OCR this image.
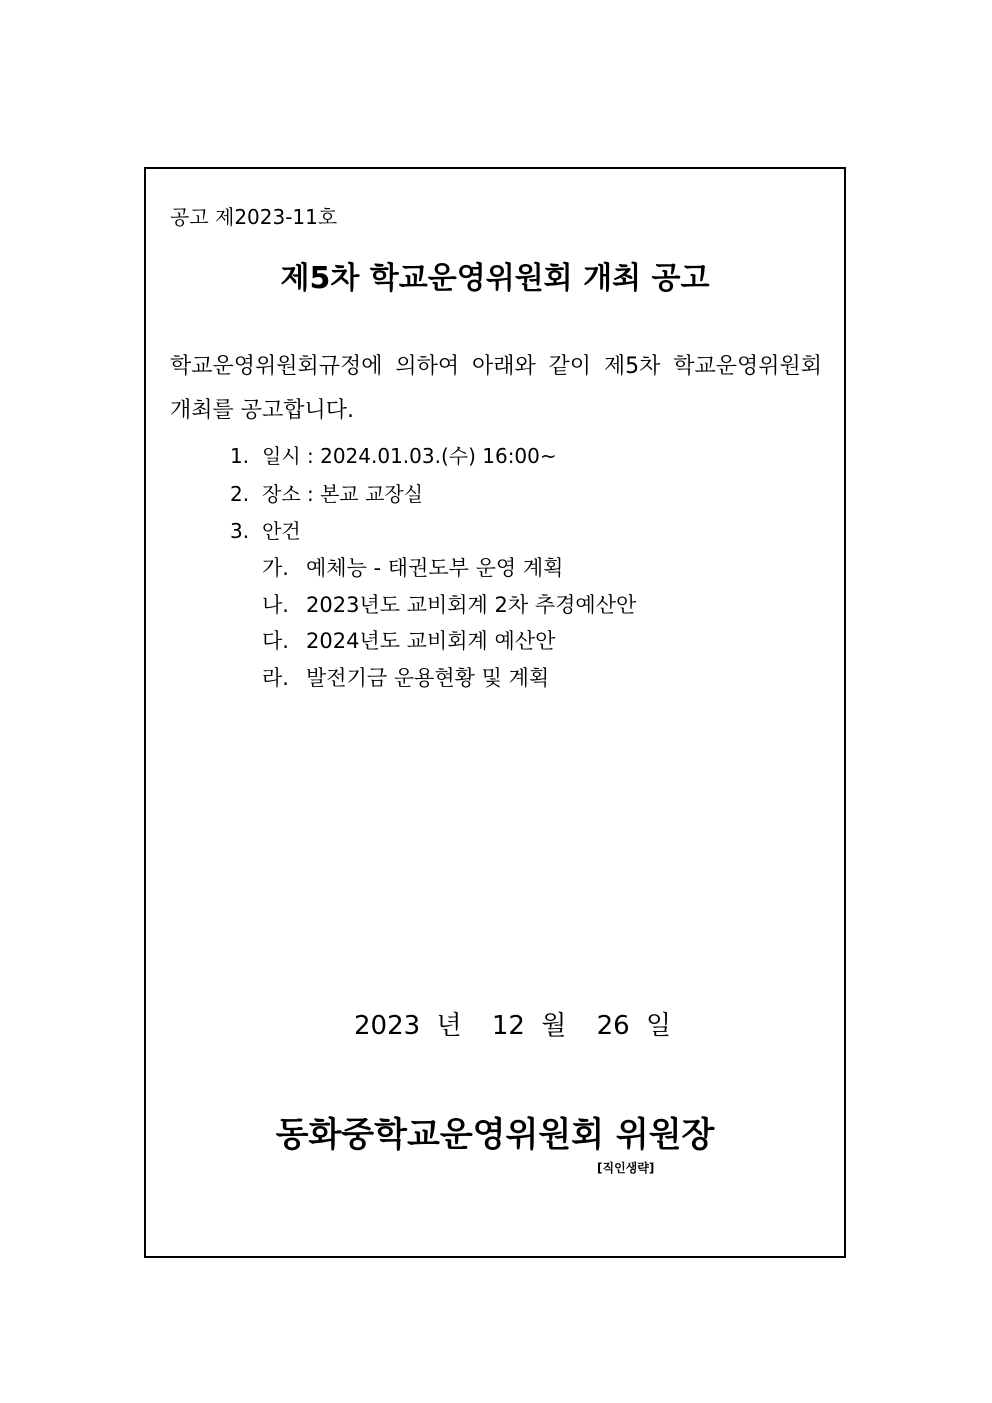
공고 제2023-11호
제5차 학교운영위원회 개최 공고
학교운영위원회규정에 의하여 아래와 같이 제5차 학교운영위원회 개최를 공고합니다.
1. 일시 : 2024.01.03.(수) 16:00~
2. 장소 : 본교 교장실
3. 안건
가. 예체능 - 태권도부 운영 계획
나. 2023년도 교비회계 2차 추경예산안
다. 2024년도 교비회계 예산안
라. 발전기금 운용현황 및 계획
2023 년 12 월 26 일
동화중학교운영위원회 위원장
[직인생략]
